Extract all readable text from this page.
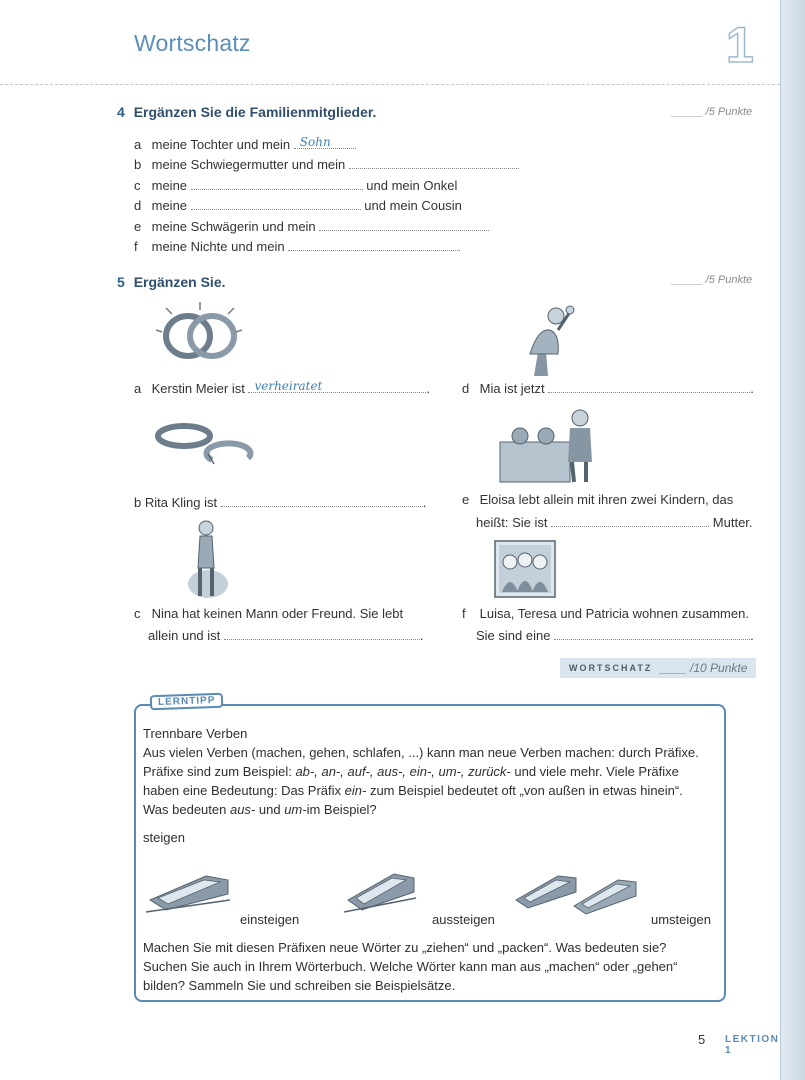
Wortschatz	1
4 Ergänzen Sie die Familienmitglieder.	_____ /5 Punkte
a meine Tochter und mein Sohn
b meine Schwiegermutter und mein
c meine	und mein Onkel
d meine	und mein Cousin
e meine Schwägerin und mein
f meine Nichte und mein
5 Ergänzen Sie.	_____ /5 Punkte
a Kerstin Meier ist verheiratet	. d Mia ist jetzt	.
b Rita Kling ist	.	e Eloisa lebt allein mit ihren zwei Kindern, das
heißt: Sie ist	Mutter.
c Nina hat keinen Mann oder Freund. Sie lebt
allein und ist	.
f Luisa, Teresa und Patricia wohnen zusammen.
Sie sind eine	.
WORTSCHATZ ____ /10 Punkte
LERNTIPP
Trennbare Verben
Aus vielen Verben (machen, gehen, schlafen, ...) kann man neue Verben machen: durch Präfixe.
Präfixe sind zum Beispiel: ab-, an-, auf-, aus-, ein-, um-, zurück- und viele mehr. Viele Präfixe
haben eine Bedeutung: Das Präfix ein- zum Beispiel bedeutet oft „von außen in etwas hinein“.
Was bedeuten aus- und um-im Beispiel?
steigen
einsteigen	aussteigen	umsteigen
Machen Sie mit diesen Präfixen neue Wörter zu „ziehen“ und „packen“. Was bedeuten sie?
Suchen Sie auch in Ihrem Wörterbuch. Welche Wörter kann man aus „machen“ oder „gehen“
bilden? Sammeln Sie und schreiben sie Beispielsätze.
5 LEKTION 1
